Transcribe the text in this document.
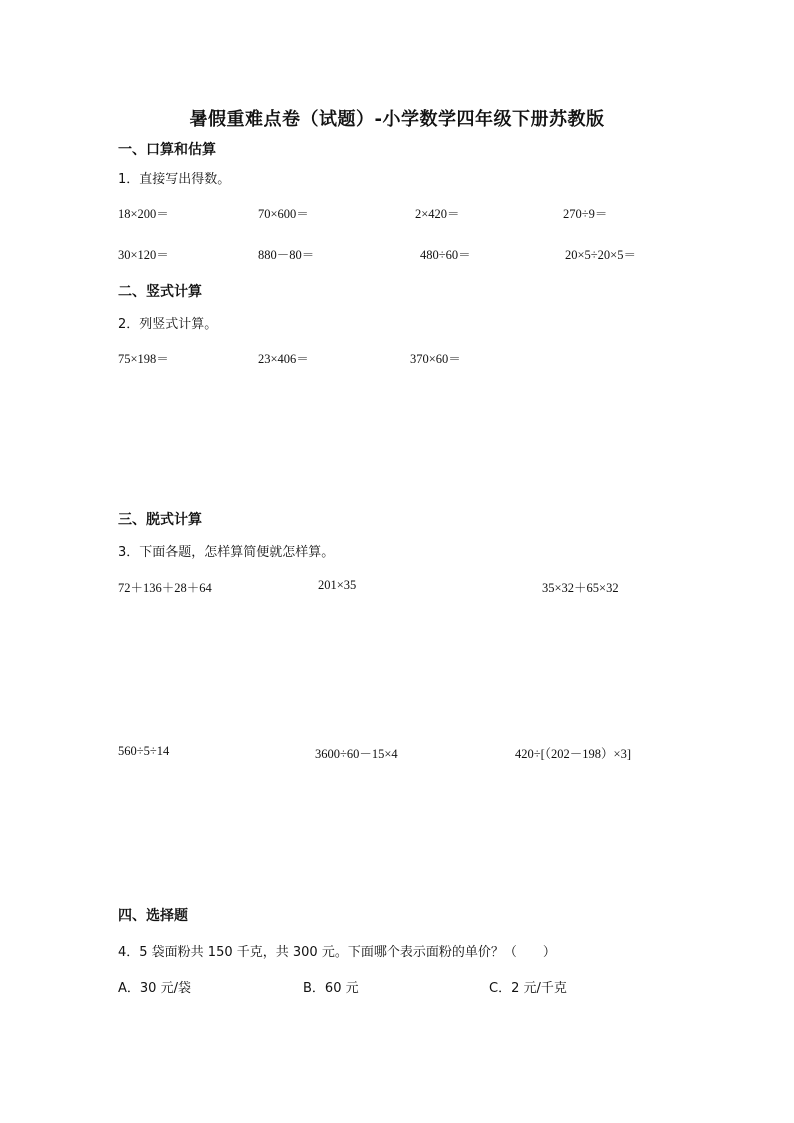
暑假重难点卷（试题）-小学数学四年级下册苏教版
一、口算和估算
1．直接写出得数。
18×200＝	70×600＝	2×420＝	270÷9＝
30×120＝	880－80＝	480÷60＝	20×5÷20×5＝
二、竖式计算
2．列竖式计算。
75×198＝	23×406＝	370×60＝
三、脱式计算
3．下面各题，怎样算简便就怎样算。
72＋136＋28＋64	201×35	35×32＋65×32
560÷5÷14	3600÷60－15×4	420÷[（202－198）×3]
四、选择题
4．5 袋面粉共 150 千克，共 300 元。下面哪个表示面粉的单价？（　　）
A．30 元/袋	B．60 元	C．2 元/千克
